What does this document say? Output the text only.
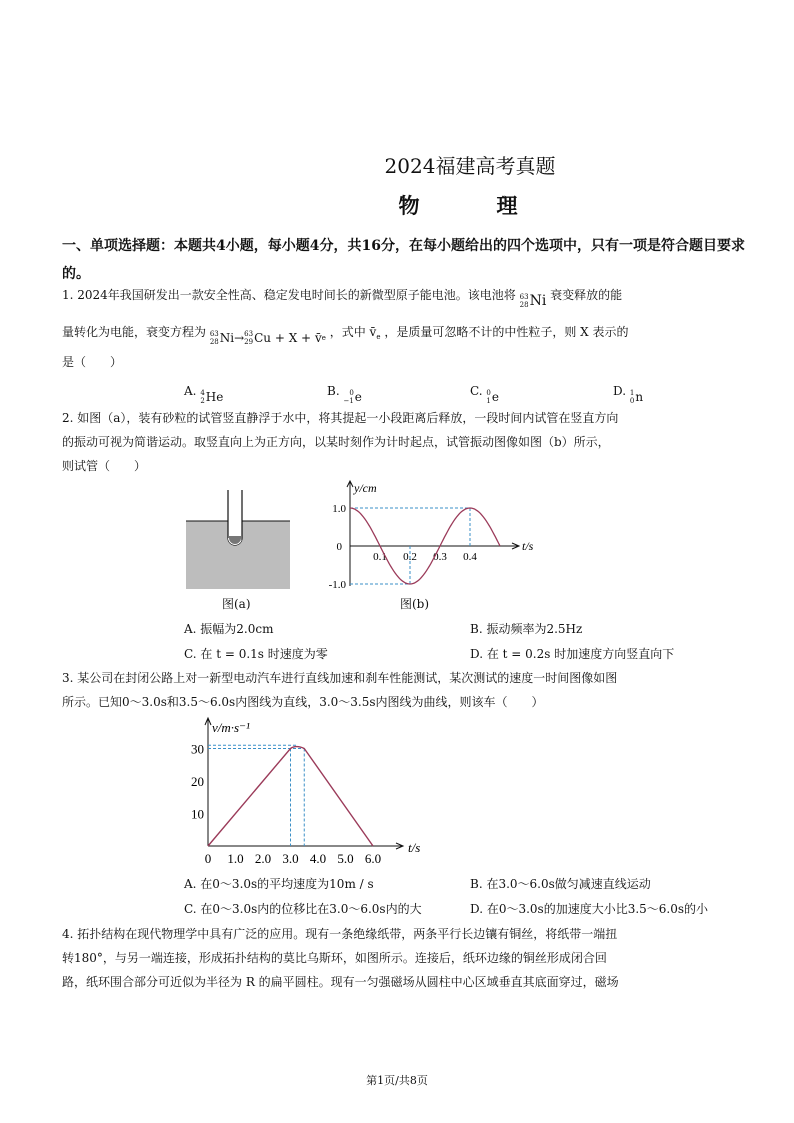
2024福建高考真题
物　理
一、单项选择题：本题共4小题，每小题4分，共16分，在每小题给出的四个选项中，只有一项是符合题目要求的。
1. 2024年我国研发出一款安全性高、稳定发电时间长的新微型原子能电池。该电池将 63
28 Ni 衰变释放的能
量转化为电能，衰变方程为 63
28 Ni → 63
29 Cu + X + v̄ e ，式中 $v̄_e$ ，是质量可忽略不计的中性粒子，则 X 表示的
是（　　）
A. 4
2 He	B.	0
−1 e	C. 0
1 e	D. 1
0 n
2. 如图（a），装有砂粒的试管竖直静浮于水中，将其提起一小段距离后释放，一段时间内试管在竖直方向
的振动可视为简谐运动。取竖直向上为正方向，以某时刻作为计时起点，试管振动图像如图（b）所示，
则试管（　　）
图(a)
y/cm
t/s
1.0
0
-1.0
0.1 0.2 0.3 0.4
图(b)
A. 振幅为2.0cm	B. 振动频率为2.5Hz
C. 在 t = 0.1s 时速度为零	D. 在 t = 0.2s 时加速度方向竖直向下
3. 某公司在封闭公路上对一新型电动汽车进行直线加速和刹车性能测试，某次测试的速度一时间图像如图
所示。已知0～3.0s和3.5～6.0s内图线为直线，3.0～3.5s内图线为曲线，则该车（　　）
v/m·s⁻¹
t/s
10
20
30
0 1.0 2.0 3.0 4.0 5.0 6.0
A. 在0～3.0s的平均速度为10m / s	B. 在3.0～6.0s做匀减速直线运动
C. 在0～3.0s内的位移比在3.0～6.0s内的大	D. 在0～3.0s的加速度大小比3.5～6.0s的小
4. 拓扑结构在现代物理学中具有广泛的应用。现有一条绝缘纸带，两条平行长边镶有铜丝，将纸带一端扭
转180°，与另一端连接，形成拓扑结构的莫比乌斯环，如图所示。连接后，纸环边缘的铜丝形成闭合回
路，纸环围合部分可近似为半径为 R 的扁平圆柱。现有一匀强磁场从圆柱中心区域垂直其底面穿过，磁场
第1页/共8页
